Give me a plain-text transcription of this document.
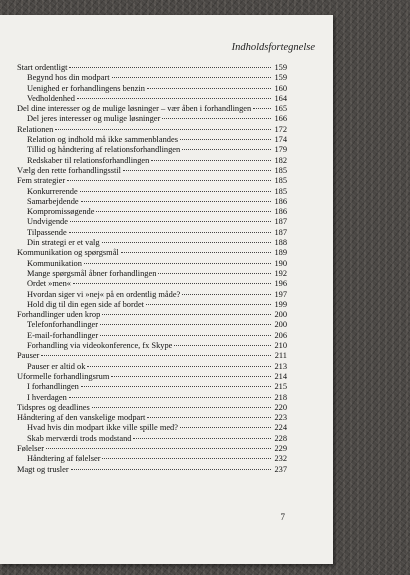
Indholdsfortegnelse
Start ordentligt	159
Begynd hos din modpart	159
Uenighed er forhandlingens benzin	160
Vedholdenhed	164
Del dine interesser og de mulige løsninger – vær åben i forhandlingen	165
Del jeres interesser og mulige løsninger	166
Relationen	172
Relation og indhold må ikke sammenblandes	174
Tillid og håndtering af relationsforhandlingen	179
Redskaber til relationsforhandlingen	182
Vælg den rette forhandlingsstil	185
Fem strategier	185
Konkurrerende	185
Samarbejdende	186
Kompromissøgende	186
Undvigende	187
Tilpassende	187
Din strategi er et valg	188
Kommunikation og spørgsmål	189
Kommunikation	190
Mange spørgsmål åbner forhandlingen	192
Ordet »men«	196
Hvordan siger vi »nej« på en ordentlig måde?	197
Hold dig til din egen side af bordet	199
Forhandlinger uden krop	200
Telefonforhandlinger	200
E-mail-forhandlinger	206
Forhandling via videokonference, fx Skype	210
Pauser	211
Pauser er altid ok	213
Uformelle forhandlingsrum	214
I forhandlingen	215
I hverdagen	218
Tidspres og deadlines	220
Håndtering af den vanskelige modpart	223
Hvad hvis din modpart ikke ville spille med?	224
Skab merværdi trods modstand	228
Følelser	229
Håndtering af følelser	232
Magt og trusler	237
7
